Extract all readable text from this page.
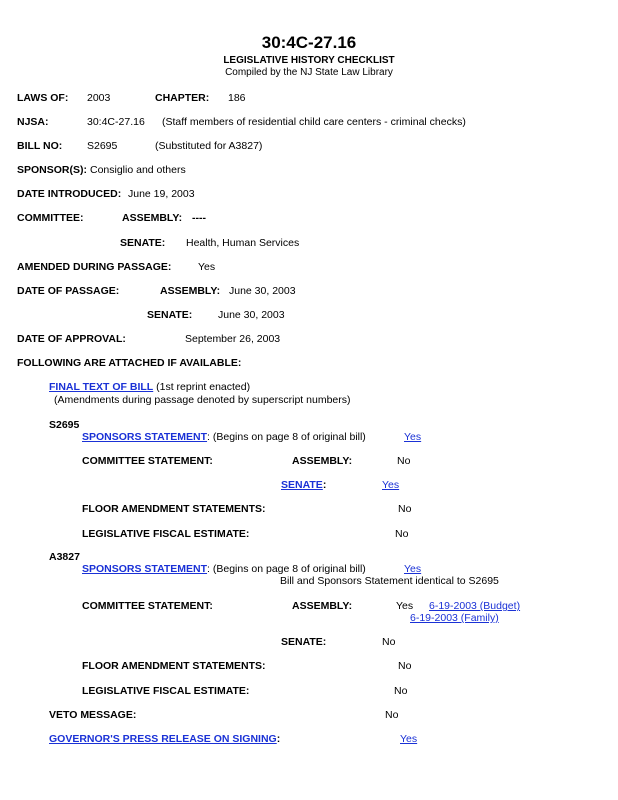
30:4C-27.16
LEGISLATIVE HISTORY CHECKLIST
Compiled by the NJ State Law Library
LAWS OF: 2003	CHAPTER: 186
NJSA:	30:4C-27.16 (Staff members of residential child care centers - criminal checks)
BILL NO: S2695	(Substituted for A3827)
SPONSOR(S): Consiglio and others
DATE INTRODUCED: June 19, 2003
COMMITTEE:	ASSEMBLY: ----
SENATE: Health, Human Services
AMENDED DURING PASSAGE:	Yes
DATE OF PASSAGE:	ASSEMBLY: June 30, 2003
SENATE: June 30, 2003
DATE OF APPROVAL:	September 26, 2003
FOLLOWING ARE ATTACHED IF AVAILABLE:
FINAL TEXT OF BILL (1st reprint enacted)
(Amendments during passage denoted by superscript numbers)
S2695
SPONSORS STATEMENT: (Begins on page 8 of original bill)	Yes
COMMITTEE STATEMENT:	ASSEMBLY:	No
SENATE:	Yes
FLOOR AMENDMENT STATEMENTS:	No
LEGISLATIVE FISCAL ESTIMATE:	No
A3827
SPONSORS STATEMENT: (Begins on page 8 of original bill)	Yes
Bill and Sponsors Statement identical to S2695
COMMITTEE STATEMENT:	ASSEMBLY:	Yes 6-19-2003 (Budget)
6-19-2003 (Family)
SENATE:	No
FLOOR AMENDMENT STATEMENTS:	No
LEGISLATIVE FISCAL ESTIMATE:	No
VETO MESSAGE:	No
GOVERNOR'S PRESS RELEASE ON SIGNING:	Yes
